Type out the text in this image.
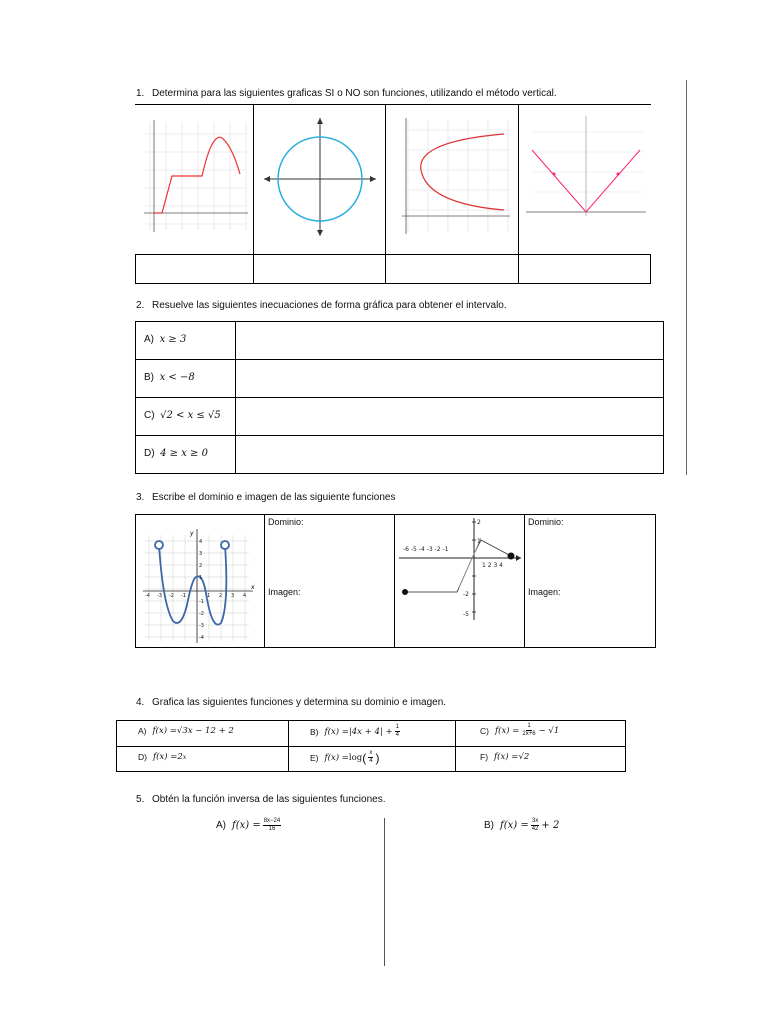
1. Determina para las siguientes graficas SI o NO son funciones, utilizando el método vertical.
2. Resuelve las siguientes inecuaciones de forma gráfica para obtener el intervalo.
A) x ≥ 3
B) x < −8
C) √2 < x ≤ √5
D) 4 ≥ x ≥ 0
3. Escribe el dominio e imagen de las siguiente funciones
y
x
4
3
2
1
-1
-2
-3
-4
-4 -3 -2 -1	1 2 3 4
Dominio:
Imagen:
-6 -5 -4 -3 -2 -1
1 2 3 4
2
1
-2
-5
Dominio:
Imagen:
4. Grafica las siguientes funciones y determina su dominio e imagen.
A) f(x) = √3x − 12 + 2	B) $f(x) = |4x + 4| + \frac{1}{4}$	C) $f(x) = \frac{1}{2x+6} - √1$
D) f(x) = 2 x	E) f(x) = log ( $\frac{x}{4}$ )	F) f(x) = √2
5. Obtén la función inversa de las siguientes funciones.
A) $f(x) = \frac{8x-24}{16}$	B) $f(x) = \frac{3x}{42} + 2$
